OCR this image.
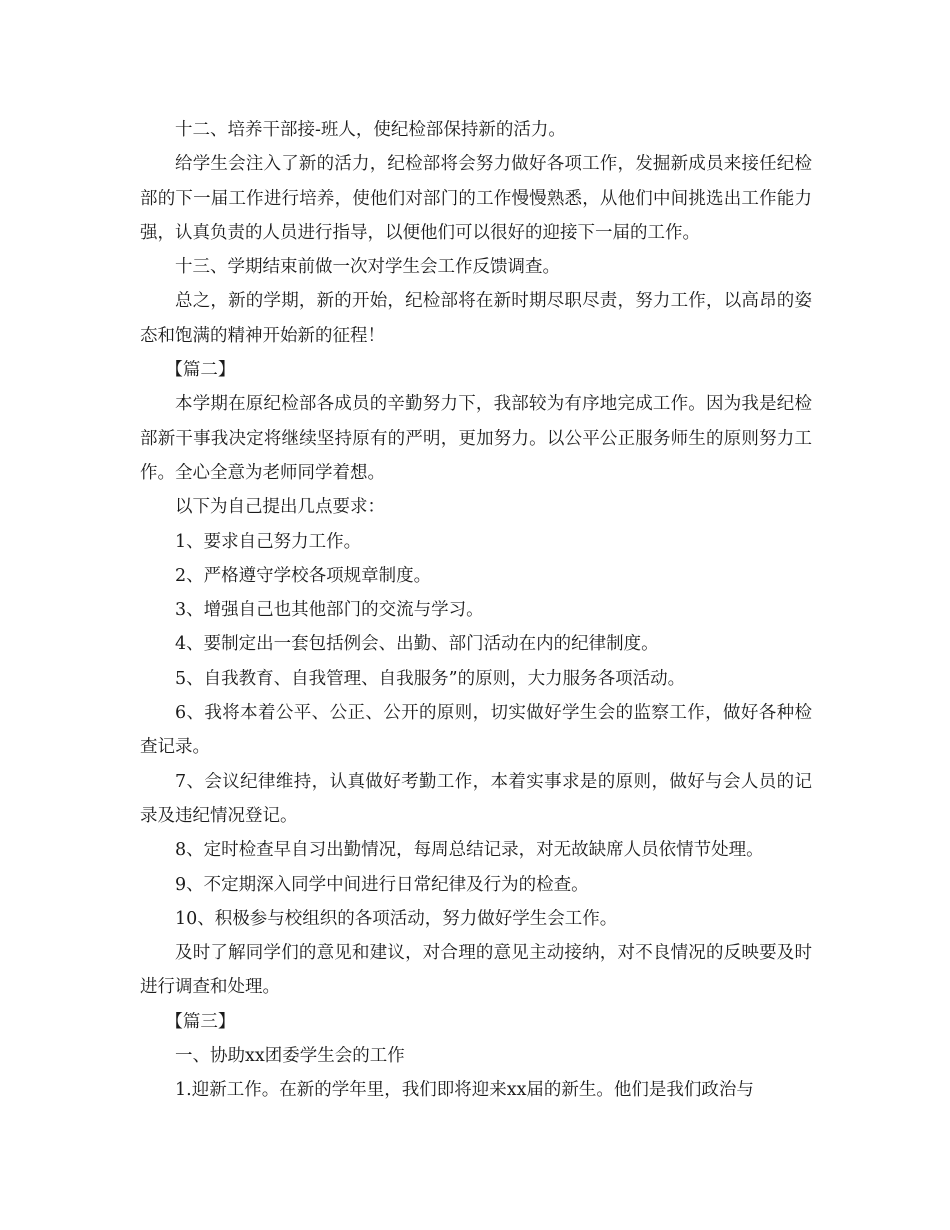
十二、培养干部接-班人，使纪检部保持新的活力。

给学生会注入了新的活力，纪检部将会努力做好各项工作，发掘新成员来接任纪检部的下一届工作进行培养，使他们对部门的工作慢慢熟悉，从他们中间挑选出工作能力强，认真负责的人员进行指导，以便他们可以很好的迎接下一届的工作。

十三、学期结束前做一次对学生会工作反馈调查。

总之，新的学期，新的开始，纪检部将在新时期尽职尽责，努力工作，以高昂的姿态和饱满的精神开始新的征程！

【篇二】

本学期在原纪检部各成员的辛勤努力下，我部较为有序地完成工作。因为我是纪检部新干事我决定将继续坚持原有的严明，更加努力。以公平公正服务师生的原则努力工作。全心全意为老师同学着想。

以下为自己提出几点要求：

1、要求自己努力工作。

2、严格遵守学校各项规章制度。

3、增强自己也其他部门的交流与学习。

4、要制定出一套包括例会、出勤、部门活动在内的纪律制度。

5、自我教育、自我管理、自我服务”的原则，大力服务各项活动。

6、我将本着公平、公正、公开的原则，切实做好学生会的监察工作，做好各种检查记录。

7、会议纪律维持，认真做好考勤工作，本着实事求是的原则，做好与会人员的记录及违纪情况登记。

8、定时检查早自习出勤情况，每周总结记录，对无故缺席人员依情节处理。

9、不定期深入同学中间进行日常纪律及行为的检查。

10、积极参与校组织的各项活动，努力做好学生会工作。

及时了解同学们的意见和建议，对合理的意见主动接纳，对不良情况的反映要及时进行调查和处理。

【篇三】

一、协助xx团委学生会的工作

1.迎新工作。在新的学年里，我们即将迎来xx届的新生。他们是我们政治与
